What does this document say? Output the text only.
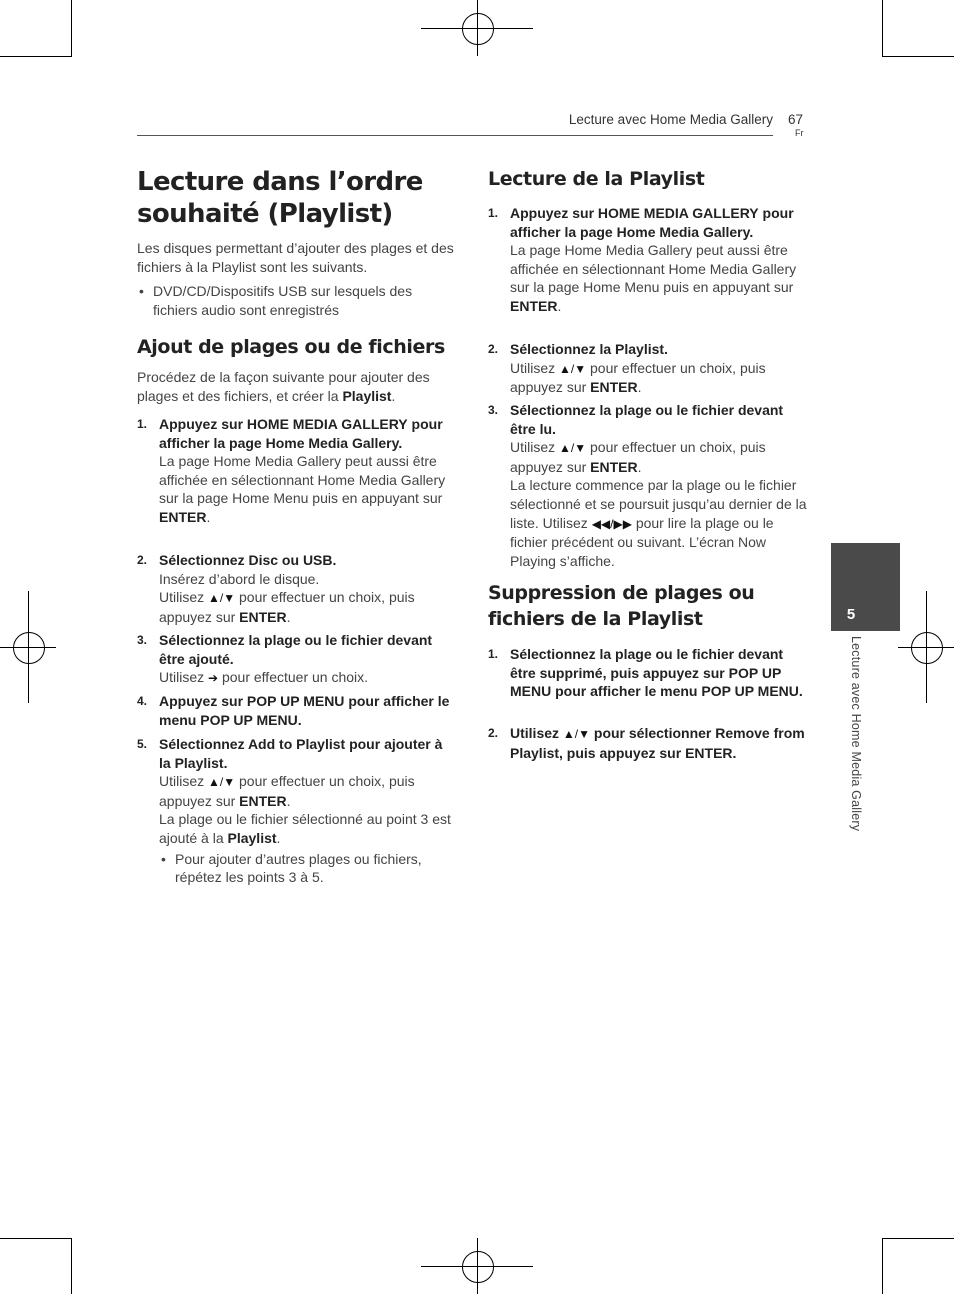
Lecture avec Home Media Gallery 67
Fr
5
Lecture avec Home Media Gallery
Lecture dans l’ordre
souhaité (Playlist)

Les disques permettant d’ajouter des plages et des fichiers à la Playlist sont les suivants.

• DVD/CD/Dispositifs USB sur lesquels des fichiers audio sont enregistrés

Ajout de plages ou de fichiers

Procédez de la façon suivante pour ajouter des plages et des fichiers, et créer la Playlist.

1. Appuyez sur HOME MEDIA GALLERY pour afficher la page Home Media Gallery.
La page Home Media Gallery peut aussi être affichée en sélectionnant Home Media Gallery sur la page Home Menu puis en appuyant sur ENTER.
2. Sélectionnez Disc ou USB.
Insérez d’abord le disque.
Utilisez ▲/▼ pour effectuer un choix, puis appuyez sur ENTER.
3. Sélectionnez la plage ou le fichier devant être ajouté.
Utilisez ➔ pour effectuer un choix.
4. Appuyez sur POP UP MENU pour afficher le menu POP UP MENU.
5. Sélectionnez Add to Playlist pour ajouter à la Playlist.
Utilisez ▲/▼ pour effectuer un choix, puis appuyez sur ENTER.
La plage ou le fichier sélectionné au point 3 est ajouté à la Playlist.
• Pour ajouter d’autres plages ou fichiers, répétez les points 3 à 5.
Lecture de la Playlist
1. Appuyez sur HOME MEDIA GALLERY pour afficher la page Home Media Gallery.
La page Home Media Gallery peut aussi être affichée en sélectionnant Home Media Gallery sur la page Home Menu puis en appuyant sur ENTER.
2. Sélectionnez la Playlist.
Utilisez ▲/▼ pour effectuer un choix, puis appuyez sur ENTER.
3. Sélectionnez la plage ou le fichier devant être lu.
Utilisez ▲/▼ pour effectuer un choix, puis appuyez sur ENTER.
La lecture commence par la plage ou le fichier sélectionné et se poursuit jusqu’au dernier de la liste. Utilisez ◀◀/▶▶ pour lire la plage ou le fichier précédent ou suivant. L’écran Now Playing s’affiche.
Suppression de plages ou
fichiers de la Playlist
1. Sélectionnez la plage ou le fichier devant être supprimé, puis appuyez sur POP UP MENU pour afficher le menu POP UP MENU.
2. Utilisez ▲/▼ pour sélectionner Remove from Playlist, puis appuyez sur ENTER.
